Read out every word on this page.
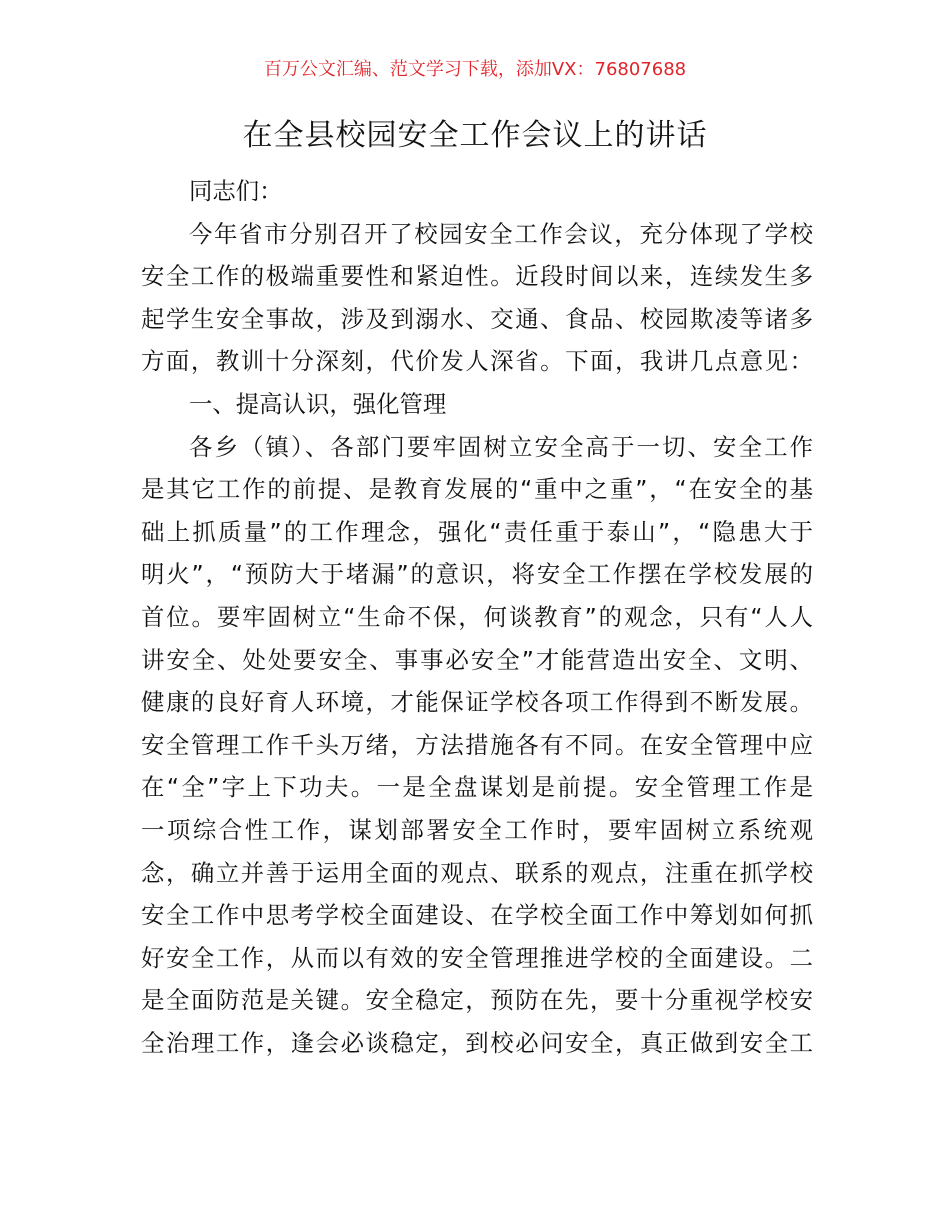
百万公文汇编、范文学习下载，添加VX：76807688
在全县校园安全工作会议上的讲话
同志们：
今年省市分别召开了校园安全工作会议，充分体现了学校
安全工作的极端重要性和紧迫性。近段时间以来，连续发生多
起学生安全事故，涉及到溺水、交通、食品、校园欺凌等诸多
方面，教训十分深刻，代价发人深省。下面，我讲几点意见：
一、提高认识，强化管理
各乡（镇）、各部门要牢固树立安全高于一切、安全工作
是其它工作的前提、是教育发展的“重中之重”，“在安全的基
础上抓质量”的工作理念，强化“责任重于泰山”，“隐患大于
明火”，“预防大于堵漏”的意识，将安全工作摆在学校发展的
首位。要牢固树立“生命不保，何谈教育”的观念，只有“人人
讲安全、处处要安全、事事必安全”才能营造出安全、文明、
健康的良好育人环境，才能保证学校各项工作得到不断发展。
安全管理工作千头万绪，方法措施各有不同。在安全管理中应
在“全”字上下功夫。一是全盘谋划是前提。安全管理工作是
一项综合性工作，谋划部署安全工作时，要牢固树立系统观
念，确立并善于运用全面的观点、联系的观点，注重在抓学校
安全工作中思考学校全面建设、在学校全面工作中筹划如何抓
好安全工作，从而以有效的安全管理推进学校的全面建设。二
是全面防范是关键。安全稳定，预防在先，要十分重视学校安
全治理工作，逢会必谈稳定，到校必问安全，真正做到安全工
